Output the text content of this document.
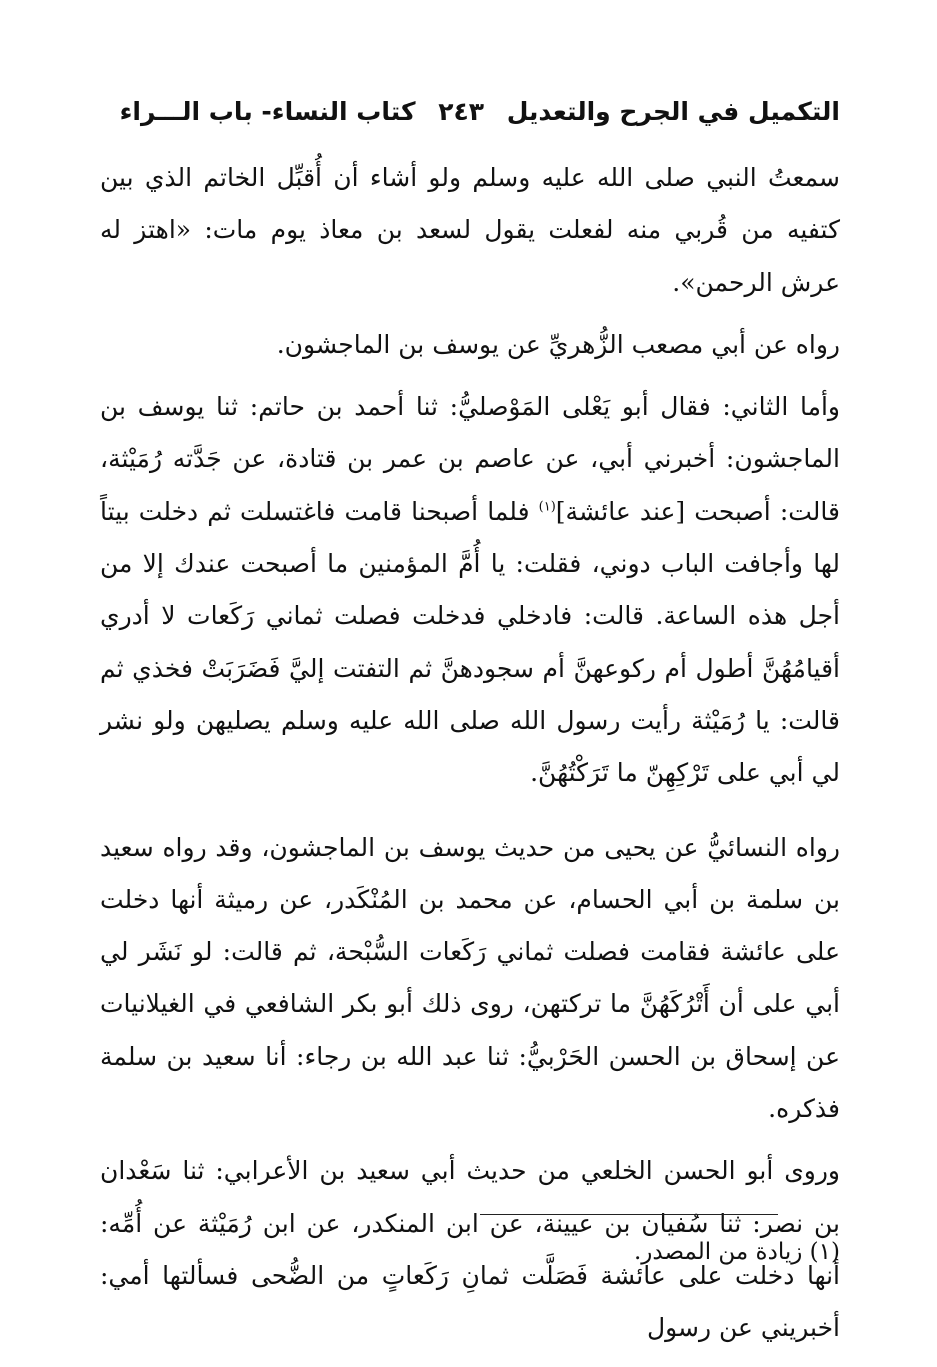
التكميل في الجرح والتعديل ٢٤٣ كتاب النساء- باب الـــراء

سمعتُ النبي صلى الله عليه وسلم ولو أشاء أن أُقبِّل الخاتم الذي بين كتفيه من قُربي منه لفعلت يقول لسعد بن معاذ يوم مات: «اهتز له عرش الرحمن».

رواه عن أبي مصعب الزُّهريِّ عن يوسف بن الماجشون.

وأما الثاني: فقال أبو يَعْلى المَوْصليُّ: ثنا أحمد بن حاتم: ثنا يوسف بن الماجشون: أخبرني أبي، عن عاصم بن عمر بن قتادة، عن جَدَّته رُمَيْثة، قالت: أصبحت [عند عائشة]$^{(١)}$ فلما أصبحنا قامت فاغتسلت ثم دخلت بيتاً لها وأجافت الباب دوني، فقلت: يا أُمَّ المؤمنين ما أصبحت عندك إلا من أجل هذه الساعة. قالت: فادخلي فدخلت فصلت ثماني رَكَعات لا أدري أقيامُهُنَّ أطول أم ركوعهنَّ أم سجودهنَّ ثم التفتت إليَّ فَضَرَبَتْ فخذي ثم قالت: يا رُمَيْثة رأيت رسول الله صلى الله عليه وسلم يصليهن ولو نشر لي أبي على تَرْكِهِنّ ما تَرَكْتُهُنَّ.

رواه النسائيُّ عن يحيى من حديث يوسف بن الماجشون، وقد رواه سعيد بن سلمة بن أبي الحسام، عن محمد بن المُنْكَدر، عن رميثة أنها دخلت على عائشة فقامت فصلت ثماني رَكَعات السُّبْحة، ثم قالت: لو نَشَر لي أبي على أن أَتْرُكَهُنَّ ما تركتهن، روى ذلك أبو بكر الشافعي في الغيلانيات عن إسحاق بن الحسن الحَرْبيُّ: ثنا عبد الله بن رجاء: أنا سعيد بن سلمة فذكره.

وروى أبو الحسن الخلعي من حديث أبي سعيد بن الأعرابي: ثنا سَعْدان بن نصر: ثنا سُفيان بن عيينة، عن ابن المنكدر، عن ابن رُمَيْثة عن أُمِّه: أنها دخلت على عائشة فَصَلَّت ثمانِ رَكَعاتٍ من الضُّحى فسألتها أمي: أخبريني عن رسول

(١) زيادة من المصدر.
